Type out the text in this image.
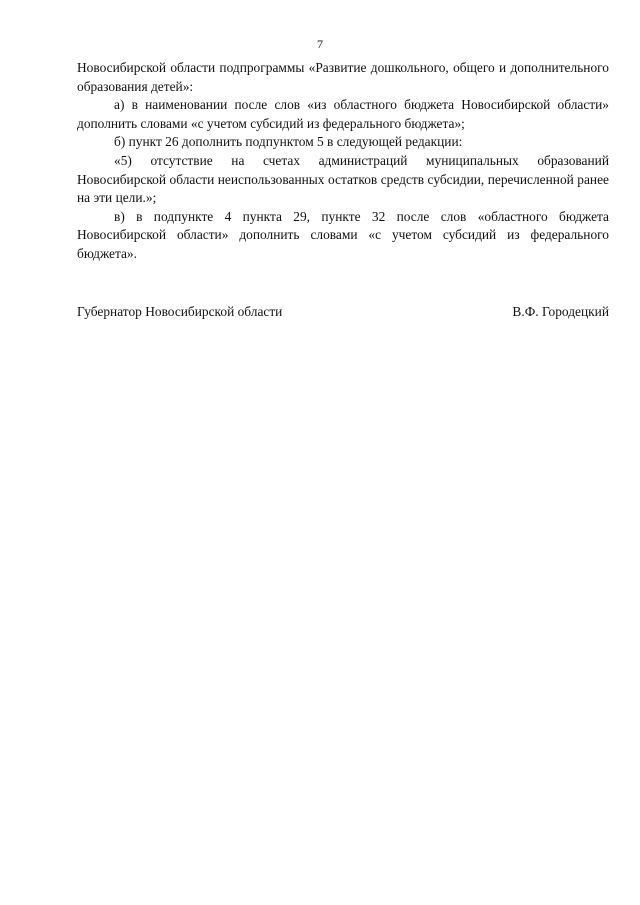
7

Новосибирской области подпрограммы «Развитие дошкольного, общего и дополнительного образования детей»:

а) в наименовании после слов «из областного бюджета Новосибирской области» дополнить словами «с учетом субсидий из федерального бюджета»;

б) пункт 26 дополнить подпунктом 5 в следующей редакции:

«5) отсутствие на счетах администраций муниципальных образований Новосибирской области неиспользованных остатков средств субсидии, перечисленной ранее на эти цели.»;

в) в подпункте 4 пункта 29, пункте 32 после слов «областного бюджета Новосибирской области» дополнить словами «с учетом субсидий из федерального бюджета».

Губернатор Новосибирской области	В.Ф. Городецкий
